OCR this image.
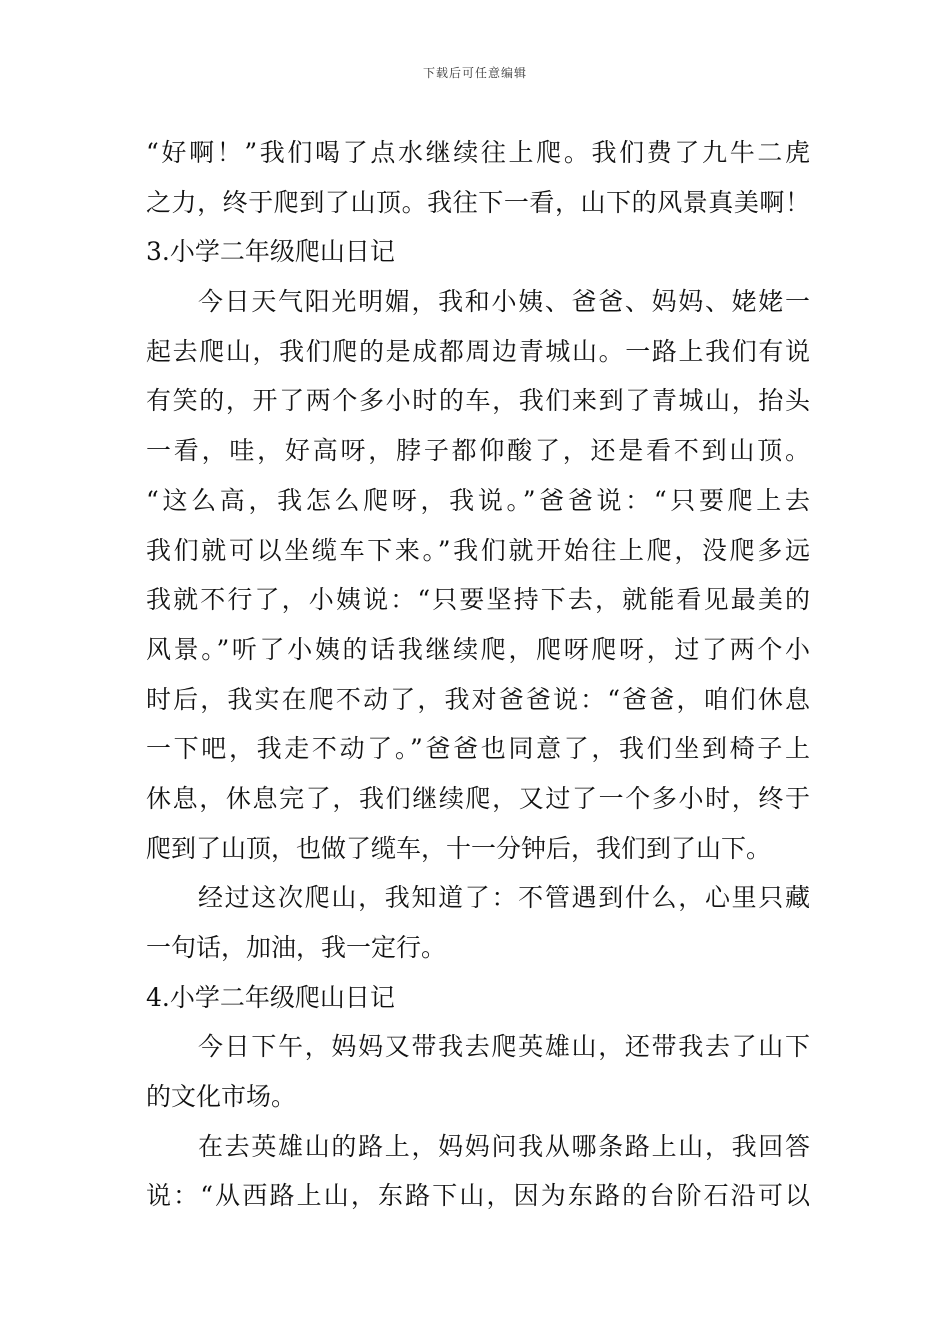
下载后可任意编辑
“好啊！”我们喝了点水继续往上爬。我们费了九牛二虎
之力，终于爬到了山顶。我往下一看，山下的风景真美啊！
3.小学二年级爬山日记
今日天气阳光明媚，我和小姨、爸爸、妈妈、姥姥一
起去爬山，我们爬的是成都周边青城山。一路上我们有说
有笑的，开了两个多小时的车，我们来到了青城山，抬头
一看，哇，好高呀，脖子都仰酸了，还是看不到山顶。
“这么高，我怎么爬呀，我说。”爸爸说：“只要爬上去
我们就可以坐缆车下来。”我们就开始往上爬，没爬多远
我就不行了，小姨说：“只要坚持下去，就能看见最美的
风景。”听了小姨的话我继续爬，爬呀爬呀，过了两个小
时后，我实在爬不动了，我对爸爸说：“爸爸，咱们休息
一下吧，我走不动了。”爸爸也同意了，我们坐到椅子上
休息，休息完了，我们继续爬，又过了一个多小时，终于
爬到了山顶，也做了缆车，十一分钟后，我们到了山下。
经过这次爬山，我知道了：不管遇到什么，心里只藏
一句话，加油，我一定行。
4.小学二年级爬山日记
今日下午，妈妈又带我去爬英雄山，还带我去了山下
的文化市场。
在去英雄山的路上，妈妈问我从哪条路上山，我回答
说：“从西路上山，东路下山，因为东路的台阶石沿可以
